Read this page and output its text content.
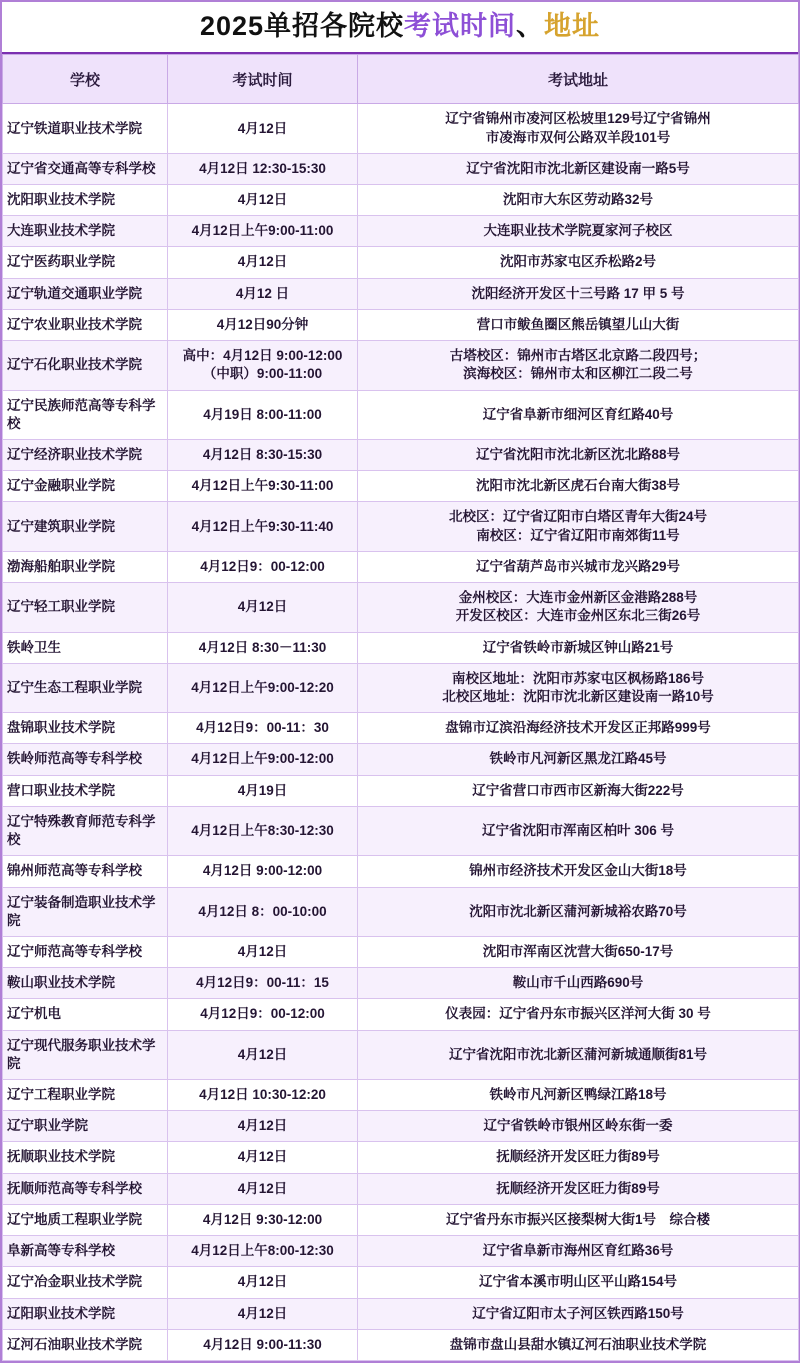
2025单招各院校考试时间、地址
学校	考试时间	考试地址
辽宁铁道职业技术学院	4月12日	辽宁省锦州市凌河区松坡里129号辽宁省锦州
市凌海市双何公路双羊段101号

辽宁省交通高等专科学校	4月12日 12:30-15:30	辽宁省沈阳市沈北新区建设南一路5号

沈阳职业技术学院	4月12日	沈阳市大东区劳动路32号

大连职业技术学院	4月12日上午9:00-11:00	大连职业技术学院夏家河子校区

辽宁医药职业学院	4月12日	沈阳市苏家屯区乔松路2号

辽宁轨道交通职业学院	4月12 日	沈阳经济开发区十三号路 17 甲 5 号

辽宁农业职业技术学院	4月12日90分钟	营口市鲅鱼圈区熊岳镇望儿山大街

辽宁石化职业技术学院	高中：4月12日 9:00-12:00
（中职）9:00-11:00	古塔校区：锦州市古塔区北京路二段四号；
滨海校区：锦州市太和区柳江二段二号

辽宁民族师范高等专科学校	4月19日 8:00-11:00	辽宁省阜新市细河区育红路40号

辽宁经济职业技术学院	4月12日 8:30-15:30	辽宁省沈阳市沈北新区沈北路88号

辽宁金融职业学院	4月12日上午9:30-11:00	沈阳市沈北新区虎石台南大街38号

辽宁建筑职业学院	4月12日上午9:30-11:40	北校区：辽宁省辽阳市白塔区青年大街24号
南校区：辽宁省辽阳市南郊街11号

渤海船舶职业学院	4月12日9：00-12:00	辽宁省葫芦岛市兴城市龙兴路29号

辽宁轻工职业学院	4月12日	金州校区：大连市金州新区金港路288号
开发区校区：大连市金州区东北三街26号

铁岭卫生	4月12日 8:30－11:30	辽宁省铁岭市新城区钟山路21号

辽宁生态工程职业学院	4月12日上午9:00-12:20	南校区地址：沈阳市苏家屯区枫杨路186号
北校区地址：沈阳市沈北新区建设南一路10号

盘锦职业技术学院	4月12日9：00-11：30	盘锦市辽滨沿海经济技术开发区正邦路999号

铁岭师范高等专科学校	4月12日上午9:00-12:00	铁岭市凡河新区黑龙江路45号

营口职业技术学院	4月19日	辽宁省营口市西市区新海大街222号

辽宁特殊教育师范专科学校	4月12日上午8:30-12:30	辽宁省沈阳市浑南区柏叶 306 号

锦州师范高等专科学校	4月12日 9:00-12:00	锦州市经济技术开发区金山大街18号

辽宁装备制造职业技术学院	4月12日 8：00-10:00	沈阳市沈北新区蒲河新城裕农路70号

辽宁师范高等专科学校	4月12日	沈阳市浑南区沈营大街650-17号

鞍山职业技术学院	4月12日9：00-11：15	鞍山市千山西路690号

辽宁机电	4月12日9：00-12:00	仪表园：辽宁省丹东市振兴区洋河大街 30 号

辽宁现代服务职业技术学院	4月12日	辽宁省沈阳市沈北新区蒲河新城通顺街81号

辽宁工程职业学院	4月12日 10:30-12:20	铁岭市凡河新区鸭绿江路18号

辽宁职业学院	4月12日	辽宁省铁岭市银州区岭东街一委

抚顺职业技术学院	4月12日	抚顺经济开发区旺力街89号

抚顺师范高等专科学校	4月12日	抚顺经济开发区旺力街89号

辽宁地质工程职业学院	4月12日 9:30-12:00	辽宁省丹东市振兴区接梨树大街1号　综合楼

阜新高等专科学校	4月12日上午8:00-12:30	辽宁省阜新市海州区育红路36号

辽宁冶金职业技术学院	4月12日	辽宁省本溪市明山区平山路154号

辽阳职业技术学院	4月12日	辽宁省辽阳市太子河区铁西路150号

辽河石油职业技术学院	4月12日 9:00-11:30	盘锦市盘山县甜水镇辽河石油职业技术学院
